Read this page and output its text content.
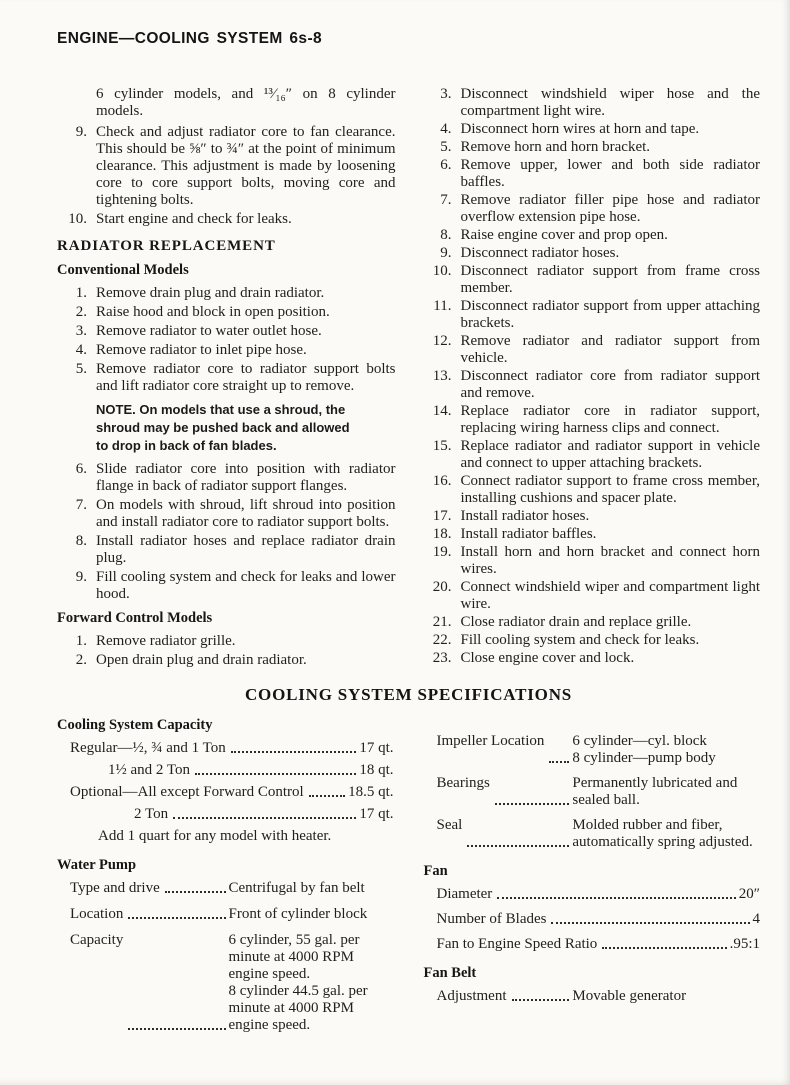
ENGINE—COOLING SYSTEM 6s-8

6 cylinder models, and ¹³⁄₁₆″ on 8 cylinder models.

9. Check and adjust radiator core to fan clearance. This should be ⅝″ to ¾″ at the point of minimum clearance. This adjustment is made by loosening core to core support bolts, moving core and tightening bolts.
10. Start engine and check for leaks.
RADIATOR REPLACEMENT
Conventional Models
1. Remove drain plug and drain radiator.
2. Raise hood and block in open position.
3. Remove radiator to water outlet hose.
4. Remove radiator to inlet pipe hose.
5. Remove radiator core to radiator support bolts and lift radiator core straight up to remove.

NOTE. On models that use a shroud, the shroud may be pushed back and allowed to drop in back of fan blades.

6. Slide radiator core into position with radiator flange in back of radiator support flanges.
7. On models with shroud, lift shroud into position and install radiator core to radiator support bolts.
8. Install radiator hoses and replace radiator drain plug.
9. Fill cooling system and check for leaks and lower hood.
Forward Control Models
1. Remove radiator grille.
2. Open drain plug and drain radiator.
3. Disconnect windshield wiper hose and the compartment light wire.
4. Disconnect horn wires at horn and tape.
5. Remove horn and horn bracket.
6. Remove upper, lower and both side radiator baffles.
7. Remove radiator filler pipe hose and radiator overflow extension pipe hose.
8. Raise engine cover and prop open.
9. Disconnect radiator hoses.
10. Disconnect radiator support from frame cross member.
11. Disconnect radiator support from upper attaching brackets.
12. Remove radiator and radiator support from vehicle.
13. Disconnect radiator core from radiator support and remove.
14. Replace radiator core in radiator support, replacing wiring harness clips and connect.
15. Replace radiator and radiator support in vehicle and connect to upper attaching brackets.
16. Connect radiator support to frame cross member, installing cushions and spacer plate.
17. Install radiator hoses.
18. Install radiator baffles.
19. Install horn and horn bracket and connect horn wires.
20. Connect windshield wiper and compartment light wire.
21. Close radiator drain and replace grille.
22. Fill cooling system and check for leaks.
23. Close engine cover and lock.
COOLING SYSTEM SPECIFICATIONS
Cooling System Capacity
Regular—½, ¾ and 1 Ton	17 qt.
1½ and 2 Ton	18 qt.
Optional—All except Forward Control	18.5 qt.
2 Ton	17 qt.

Add 1 quart for any model with heater.

Water Pump
Type and drive	Centrifugal by fan belt
Location	Front of cylinder block
Capacity	6 cylinder, 55 gal. per minute at 4000 RPM engine speed.
8 cylinder 44.5 gal. per minute at 4000 RPM engine speed.
Impeller Location 6 cylinder—cyl. block
8 cylinder—pump body
Bearings	Permanently lubricated and sealed ball.
Seal	Molded rubber and fiber, automatically spring adjusted.
Fan
Diameter	20″
Number of Blades	4
Fan to Engine Speed Ratio	.95:1
Fan Belt
Adjustment	Movable generator
